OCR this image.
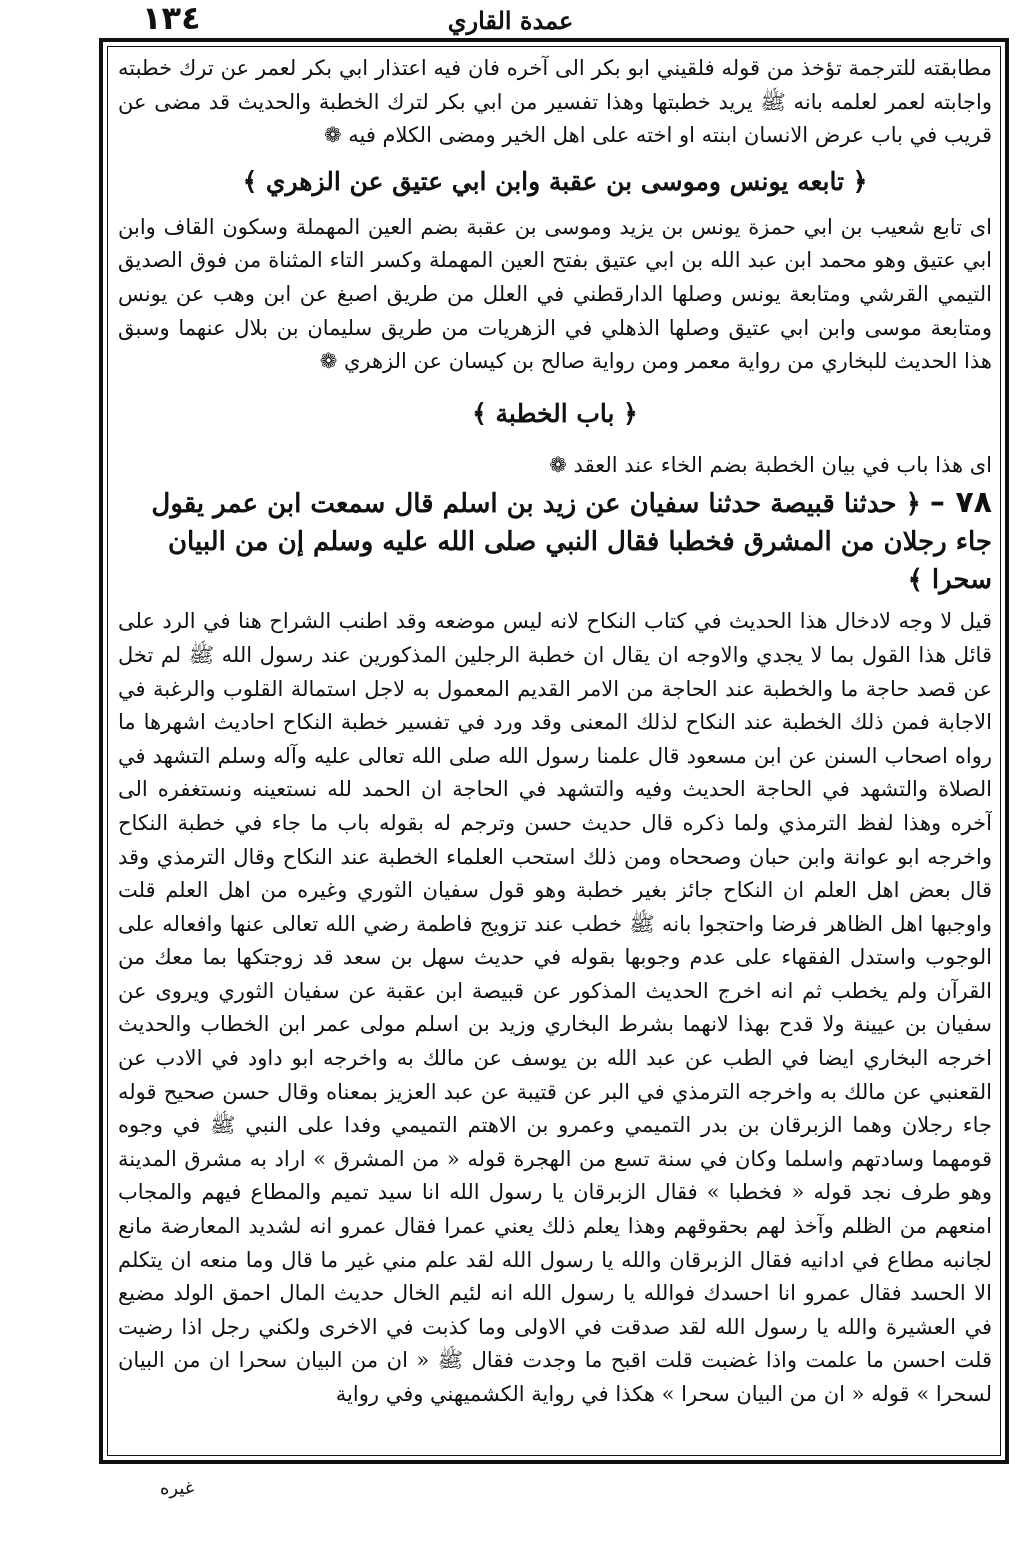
١٣٤	عمدة القاري

مطابقته للترجمة تؤخذ من قوله فلقيني ابو بكر الى آخره فان فيه اعتذار ابي بكر لعمر عن ترك خطبته واجابته لعمر لعلمه بانه ﷺ يريد خطبتها وهذا تفسير من ابي بكر لترك الخطبة والحديث قد مضى عن قريب في باب عرض الانسان ابنته او اخته على اهل الخير ومضى الكلام فيه ❁

﴿ تابعه يونس وموسى بن عقبة وابن ابي عتيق عن الزهري ﴾

اى تابع شعيب بن ابي حمزة يونس بن يزيد وموسى بن عقبة بضم العين المهملة وسكون القاف وابن ابي عتيق وهو محمد ابن عبد الله بن ابي عتيق بفتح العين المهملة وكسر التاء المثناة من فوق الصديق التيمي القرشي ومتابعة يونس وصلها الدارقطني في العلل من طريق اصبغ عن ابن وهب عن يونس ومتابعة موسى وابن ابي عتيق وصلها الذهلي في الزهريات من طريق سليمان بن بلال عنهما وسبق هذا الحديث للبخاري من رواية معمر ومن رواية صالح بن كيسان عن الزهري ❁

﴿ باب الخطبة ﴾

اى هذا باب في بيان الخطبة بضم الخاء عند العقد ❁

٧٨ – ﴿ حدثنا قبيصة حدثنا سفيان عن زيد بن اسلم قال سمعت ابن عمر يقول جاء رجلان من المشرق فخطبا فقال النبي صلى الله عليه وسلم إن من البيان سحرا ﴾

قيل لا وجه لادخال هذا الحديث في كتاب النكاح لانه ليس موضعه وقد اطنب الشراح هنا في الرد على قائل هذا القول بما لا يجدي والاوجه ان يقال ان خطبة الرجلين المذكورين عند رسول الله ﷺ لم تخل عن قصد حاجة ما والخطبة عند الحاجة من الامر القديم المعمول به لاجل استمالة القلوب والرغبة في الاجابة فمن ذلك الخطبة عند النكاح لذلك المعنى وقد ورد في تفسير خطبة النكاح احاديث اشهرها ما رواه اصحاب السنن عن ابن مسعود قال علمنا رسول الله صلى الله تعالى عليه وآله وسلم التشهد في الصلاة والتشهد في الحاجة الحديث وفيه والتشهد في الحاجة ان الحمد لله نستعينه ونستغفره الى آخره وهذا لفظ الترمذي ولما ذكره قال حديث حسن وترجم له بقوله باب ما جاء في خطبة النكاح واخرجه ابو عوانة وابن حبان وصححاه ومن ذلك استحب العلماء الخطبة عند النكاح وقال الترمذي وقد قال بعض اهل العلم ان النكاح جائز بغير خطبة وهو قول سفيان الثوري وغيره من اهل العلم قلت واوجبها اهل الظاهر فرضا واحتجوا بانه ﷺ خطب عند تزويج فاطمة رضي الله تعالى عنها وافعاله على الوجوب واستدل الفقهاء على عدم وجوبها بقوله في حديث سهل بن سعد قد زوجتكها بما معك من القرآن ولم يخطب ثم انه اخرج الحديث المذكور عن قبيصة ابن عقبة عن سفيان الثوري ويروى عن سفيان بن عيينة ولا قدح بهذا لانهما بشرط البخاري وزيد بن اسلم مولى عمر ابن الخطاب والحديث اخرجه البخاري ايضا في الطب عن عبد الله بن يوسف عن مالك به واخرجه ابو داود في الادب عن القعنبي عن مالك به واخرجه الترمذي في البر عن قتيبة عن عبد العزيز بمعناه وقال حسن صحيح قوله جاء رجلان وهما الزبرقان بن بدر التميمي وعمرو بن الاهتم التميمي وفدا على النبي ﷺ في وجوه قومهما وسادتهم واسلما وكان في سنة تسع من الهجرة قوله « من المشرق » اراد به مشرق المدينة وهو طرف نجد قوله « فخطبا » فقال الزبرقان يا رسول الله انا سيد تميم والمطاع فيهم والمجاب امنعهم من الظلم وآخذ لهم بحقوقهم وهذا يعلم ذلك يعني عمرا فقال عمرو انه لشديد المعارضة مانع لجانبه مطاع في ادانيه فقال الزبرقان والله يا رسول الله لقد علم مني غير ما قال وما منعه ان يتكلم الا الحسد فقال عمرو انا احسدك فوالله يا رسول الله انه لئيم الخال حديث المال احمق الولد مضيع في العشيرة والله يا رسول الله لقد صدقت في الاولى وما كذبت في الاخرى ولكني رجل اذا رضيت قلت احسن ما علمت واذا غضبت قلت اقبح ما وجدت فقال ﷺ « ان من البيان سحرا ان من البيان لسحرا » قوله « ان من البيان سحرا » هكذا في رواية الكشميهني وفي رواية

غيره
